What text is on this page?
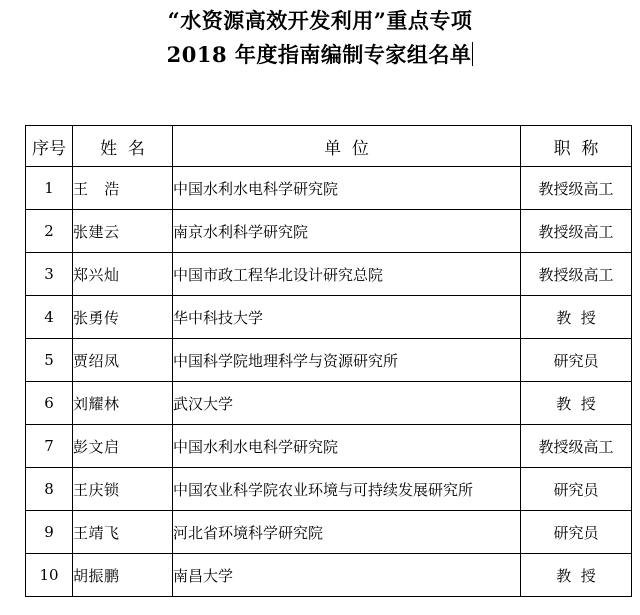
“水资源高效开发利用”重点专项
2018 年度指南编制专家组名单
序号	姓  名	单  位	职  称
1	王   浩	中国水利水电科学研究院	教授级高工
2	张建云	南京水利科学研究院	教授级高工
3	郑兴灿	中国市政工程华北设计研究总院	教授级高工
4	张勇传	华中科技大学	教  授
5	贾绍凤	中国科学院地理科学与资源研究所	研究员
6	刘耀林	武汉大学	教  授
7	彭文启	中国水利水电科学研究院	教授级高工
8	王庆锁	中国农业科学院农业环境与可持续发展研究所	研究员
9	王靖飞	河北省环境科学研究院	研究员
10	胡振鹏	南昌大学	教  授
